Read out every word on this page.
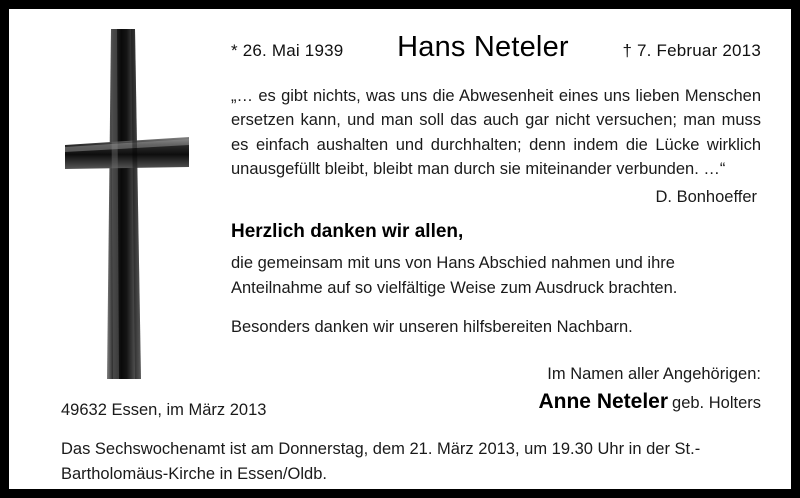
* 26. Mai 1939	Hans Neteler	† 7. Februar 2013
„… es gibt nichts, was uns die Abwesenheit eines uns lieben Menschen ersetzen kann, und man soll das auch gar nicht versuchen; man muss es einfach aushalten und durchhalten; denn indem die Lücke wirklich unausgefüllt bleibt, bleibt man durch sie miteinander verbunden. …“
D. Bonhoeffer
Herzlich danken wir allen,
die gemeinsam mit uns von Hans Abschied nahmen und ihre Anteilnahme auf so vielfältige Weise zum Ausdruck brachten.
Besonders danken wir unseren hilfsbereiten Nachbarn.
Im Namen aller Angehörigen:
Anne Neteler geb. Holters
49632 Essen, im März 2013
Das Sechswochenamt ist am Donnerstag, dem 21. März 2013, um 19.30 Uhr in der St.-Bartholomäus-Kirche in Essen/Oldb.
